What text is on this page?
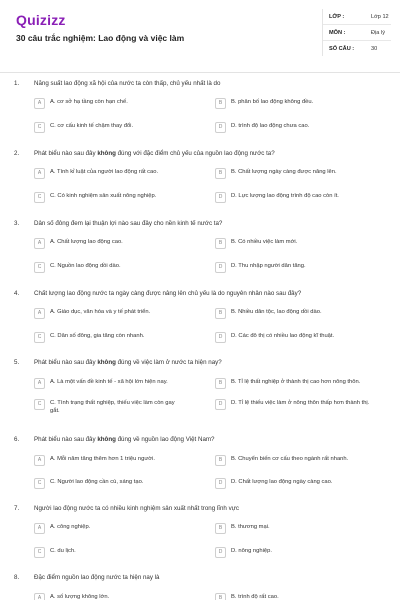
Quizizz
30 câu trắc nghiệm: Lao động và việc làm
LỚP :	Lớp 12
MÔN :	Địa lý
SỐ CÂU :	30
1. Năng suất lao động xã hội của nước ta còn thấp, chủ yếu nhất là do
A	A. cơ sở hạ tầng còn hạn chế.	B	B. phân bố lao động không đều.
C	C. cơ cấu kinh tế chậm thay đổi.	D	D. trình độ lao động chưa cao.
2. Phát biểu nào sau đây không đúng với đặc điểm chủ yếu của nguồn lao động nước ta?
A	A. Tính kỉ luật của người lao động rất cao.	B	B. Chất lượng ngày càng được nâng lên.
C	C. Có kinh nghiệm sản xuất nông nghiệp.	D	D. Lực lượng lao động trình độ cao còn ít.
3. Dân số đông đem lại thuận lợi nào sau đây cho nền kinh tế nước ta?
A	A. Chất lượng lao động cao.	B	B. Có nhiều việc làm mới.
C	C. Nguồn lao động dồi dào.	D	D. Thu nhập người dân tăng.
4. Chất lượng lao động nước ta ngày càng được nâng lên chủ yếu là do nguyên nhân nào sau đây?
A	A. Giáo dục, văn hóa và y tế phát triển.	B	B. Nhiều dân tộc, lao động dồi dào.
C	C. Dân số đông, gia tăng còn nhanh.	D	D. Các đô thị có nhiều lao động kĩ thuật.
5. Phát biểu nào sau đây không đúng về việc làm ở nước ta hiện nay?
A	A. Là một vấn đề kinh tế - xã hội lớn hiện nay.	B	B. Tỉ lệ thất nghiệp ở thành thị cao hơn nông thôn.
C	C. Tình trạng thất nghiệp, thiếu việc làm còn gay gắt.
D	D. Tỉ lệ thiếu việc làm ở nông thôn thấp hơn thành thị.
6. Phát biểu nào sau đây không đúng về nguồn lao động Việt Nam?
A	A. Mỗi năm tăng thêm hơn 1 triệu người.	B	B. Chuyển biến cơ cấu theo ngành rất nhanh.
C	C. Người lao động cần cù, sáng tạo.	D	D. Chất lượng lao động ngày càng cao.
7. Người lao động nước ta có nhiều kinh nghiệm sản xuất nhất trong lĩnh vực
A	A. công nghiệp.	B	B. thương mại.
C	C. du lịch.	D	D. nông nghiệp.
8. Đặc điểm nguồn lao động nước ta hiện nay là
A	A. số lượng không lớn.	B	B. trình độ rất cao.
